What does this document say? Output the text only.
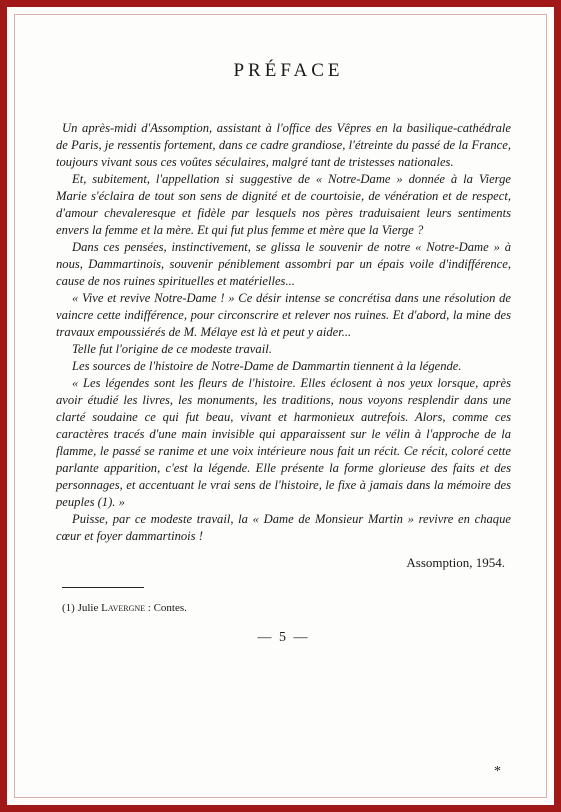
PRÉFACE

Un après-midi d'Assomption, assistant à l'office des Vêpres en la basilique-cathédrale de Paris, je ressentis fortement, dans ce cadre grandiose, l'étreinte du passé de la France, toujours vivant sous ces voûtes séculaires, malgré tant de tristesses nationales.

Et, subitement, l'appellation si suggestive de « Notre-Dame » donnée à la Vierge Marie s'éclaira de tout son sens de dignité et de courtoisie, de vénération et de respect, d'amour chevaleresque et fidèle par lesquels nos pères traduisaient leurs sentiments envers la femme et la mère. Et qui fut plus femme et mère que la Vierge ?

Dans ces pensées, instinctivement, se glissa le souvenir de notre « Notre-Dame » à nous, Dammartinois, souvenir péniblement assombri par un épais voile d'indifférence, cause de nos ruines spirituelles et matérielles...

« Vive et revive Notre-Dame ! » Ce désir intense se concrétisa dans une résolution de vaincre cette indifférence, pour circonscrire et relever nos ruines. Et d'abord, la mine des travaux empoussiérés de M. Mélaye est là et peut y aider...

Telle fut l'origine de ce modeste travail.

Les sources de l'histoire de Notre-Dame de Dammartin tiennent à la légende.

« Les légendes sont les fleurs de l'histoire. Elles éclosent à nos yeux lorsque, après avoir étudié les livres, les monuments, les traditions, nous voyons resplendir dans une clarté soudaine ce qui fut beau, vivant et harmonieux autrefois. Alors, comme ces caractères tracés d'une main invisible qui apparaissent sur le vélin à l'approche de la flamme, le passé se ranime et une voix intérieure nous fait un récit. Ce récit, coloré cette parlante apparition, c'est la légende. Elle présente la forme glorieuse des faits et des personnages, et accentuant le vrai sens de l'histoire, le fixe à jamais dans la mémoire des peuples (1). »

Puisse, par ce modeste travail, la « Dame de Monsieur Martin » revivre en chaque cœur et foyer dammartinois !

Assomption, 1954.
(1) Julie Lavergne : Contes.
— 5 —
*
